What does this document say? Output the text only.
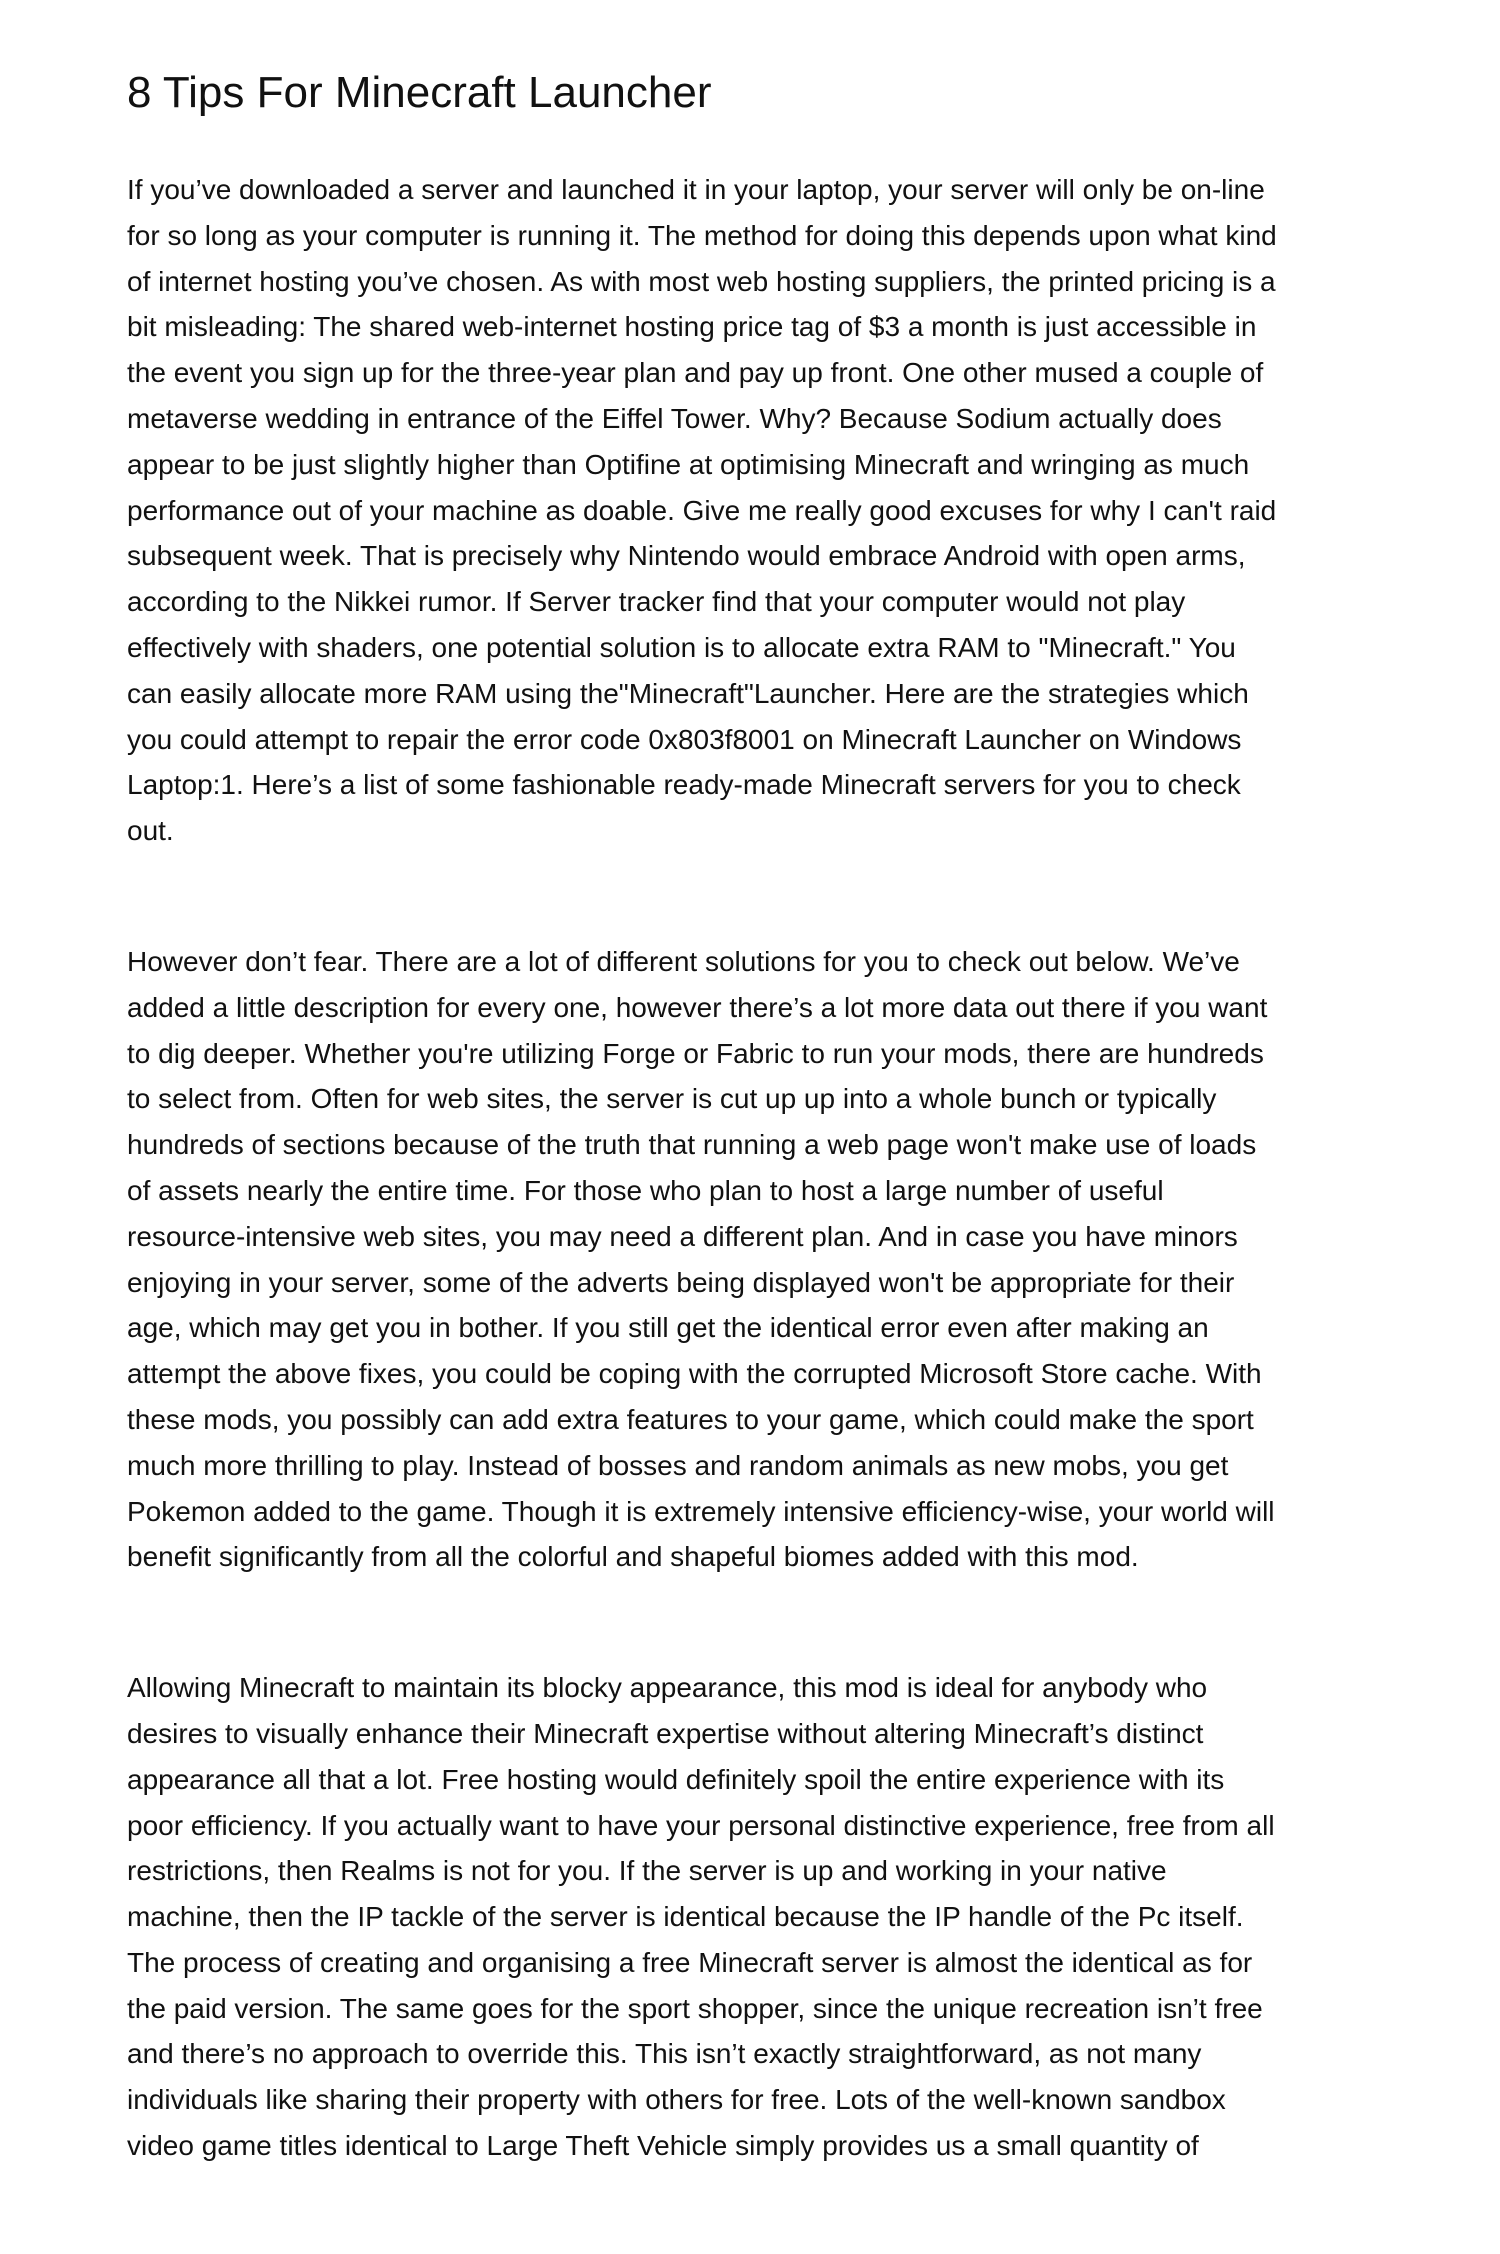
8 Tips For Minecraft Launcher

If you’ve downloaded a server and launched it in your laptop, your server will only be on-line
for so long as your computer is running it. The method for doing this depends upon what kind
of internet hosting you’ve chosen. As with most web hosting suppliers, the printed pricing is a
bit misleading: The shared web-internet hosting price tag of $3 a month is just accessible in
the event you sign up for the three-year plan and pay up front. One other mused a couple of
metaverse wedding in entrance of the Eiffel Tower. Why? Because Sodium actually does
appear to be just slightly higher than Optifine at optimising Minecraft and wringing as much
performance out of your machine as doable. Give me really good excuses for why I can't raid
subsequent week. That is precisely why Nintendo would embrace Android with open arms,
according to the Nikkei rumor. If Server tracker find that your computer would not play
effectively with shaders, one potential solution is to allocate extra RAM to "Minecraft." You
can easily allocate more RAM using the"Minecraft"Launcher. Here are the strategies which
you could attempt to repair the error code 0x803f8001 on Minecraft Launcher on Windows
Laptop:1. Here’s a list of some fashionable ready-made Minecraft servers for you to check
out.

However don’t fear. There are a lot of different solutions for you to check out below. We’ve
added a little description for every one, however there’s a lot more data out there if you want
to dig deeper. Whether you're utilizing Forge or Fabric to run your mods, there are hundreds
to select from. Often for web sites, the server is cut up up into a whole bunch or typically
hundreds of sections because of the truth that running a web page won't make use of loads
of assets nearly the entire time. For those who plan to host a large number of useful
resource-intensive web sites, you may need a different plan. And in case you have minors
enjoying in your server, some of the adverts being displayed won't be appropriate for their
age, which may get you in bother. If you still get the identical error even after making an
attempt the above fixes, you could be coping with the corrupted Microsoft Store cache. With
these mods, you possibly can add extra features to your game, which could make the sport
much more thrilling to play. Instead of bosses and random animals as new mobs, you get
Pokemon added to the game. Though it is extremely intensive efficiency-wise, your world will
benefit significantly from all the colorful and shapeful biomes added with this mod.

Allowing Minecraft to maintain its blocky appearance, this mod is ideal for anybody who
desires to visually enhance their Minecraft expertise without altering Minecraft’s distinct
appearance all that a lot. Free hosting would definitely spoil the entire experience with its
poor efficiency. If you actually want to have your personal distinctive experience, free from all
restrictions, then Realms is not for you. If the server is up and working in your native
machine, then the IP tackle of the server is identical because the IP handle of the Pc itself.
The process of creating and organising a free Minecraft server is almost the identical as for
the paid version. The same goes for the sport shopper, since the unique recreation isn’t free
and there’s no approach to override this. This isn’t exactly straightforward, as not many
individuals like sharing their property with others for free. Lots of the well-known sandbox
video game titles identical to Large Theft Vehicle simply provides us a small quantity of
